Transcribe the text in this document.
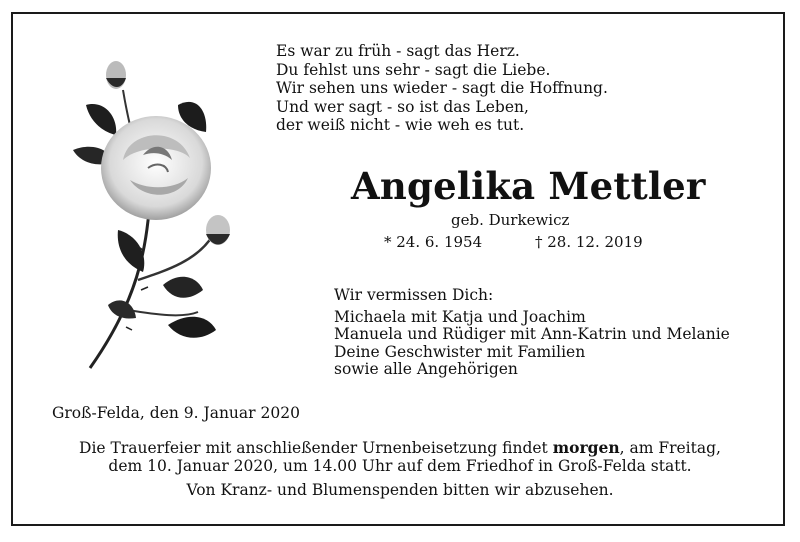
Es war zu früh - sagt das Herz.
Du fehlst uns sehr - sagt die Liebe.
Wir sehen uns wieder - sagt die Hoffnung.
Und wer sagt - so ist das Leben,
der weiß nicht - wie weh es tut.
Angelika Mettler
geb. Durkewicz
* 24. 6. 1954	† 28. 12. 2019
Wir vermissen Dich:
Michaela mit Katja und Joachim
Manuela und Rüdiger mit Ann-Katrin und Melanie
Deine Geschwister mit Familien
sowie alle Angehörigen
Groß-Felda, den 9. Januar 2020
Die Trauerfeier mit anschließender Urnenbeisetzung findet morgen, am Freitag,
dem 10. Januar 2020, um 14.00 Uhr auf dem Friedhof in Groß-Felda statt.
Von Kranz- und Blumenspenden bitten wir abzusehen.
